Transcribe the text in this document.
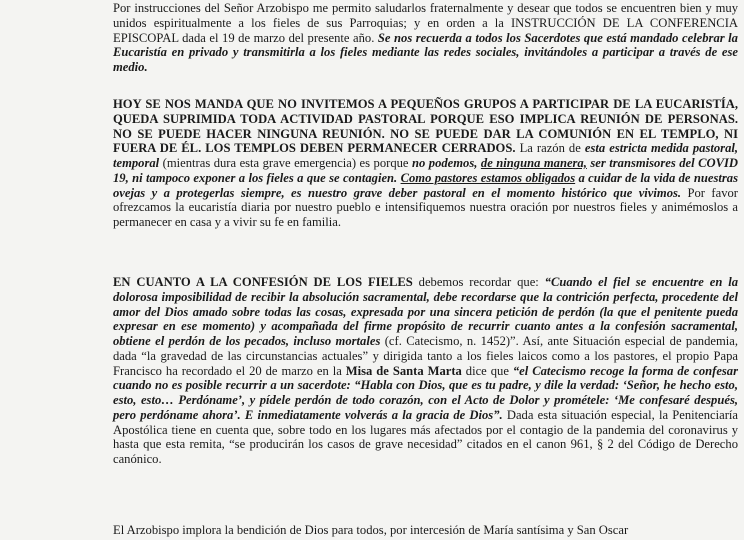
Por instrucciones del Señor Arzobispo me permito saludarlos fraternalmente y desear que todos se encuentren bien y muy unidos espiritualmente a los fieles de sus Parroquias; y en orden a la INSTRUCCIÓN DE LA CONFERENCIA EPISCOPAL dada el 19 de marzo del presente año. Se nos recuerda a todos los Sacerdotes que está mandado celebrar la Eucaristía en privado y transmitirla a los fieles mediante las redes sociales, invitándoles a participar a través de ese medio.

HOY SE NOS MANDA QUE NO INVITEMOS A PEQUEÑOS GRUPOS A PARTICIPAR DE LA EUCARISTÍA, QUEDA SUPRIMIDA TODA ACTIVIDAD PASTORAL PORQUE ESO IMPLICA REUNIÓN DE PERSONAS. NO SE PUEDE HACER NINGUNA REUNIÓN. NO SE PUEDE DAR LA COMUNIÓN EN EL TEMPLO, NI FUERA DE ÉL. LOS TEMPLOS DEBEN PERMANECER CERRADOS. La razón de esta estricta medida pastoral, temporal (mientras dura esta grave emergencia) es porque no podemos, de ninguna manera, ser transmisores del COVID 19, ni tampoco exponer a los fieles a que se contagien. Como pastores estamos obligados a cuidar de la vida de nuestras ovejas y a protegerlas siempre, es nuestro grave deber pastoral en el momento histórico que vivimos. Por favor ofrezcamos la eucaristía diaria por nuestro pueblo e intensifiquemos nuestra oración por nuestros fieles y animémoslos a permanecer en casa y a vivir su fe en familia.

EN CUANTO A LA CONFESIÓN DE LOS FIELES debemos recordar que: “Cuando el fiel se encuentre en la dolorosa imposibilidad de recibir la absolución sacramental, debe recordarse que la contrición perfecta, procedente del amor del Dios amado sobre todas las cosas, expresada por una sincera petición de perdón (la que el penitente pueda expresar en ese momento) y acompañada del firme propósito de recurrir cuanto antes a la confesión sacramental, obtiene el perdón de los pecados, incluso mortales (cf. Catecismo, n. 1452)”. Así, ante Situación especial de pandemia, dada “la gravedad de las circunstancias actuales” y dirigida tanto a los fieles laicos como a los pastores, el propio Papa Francisco ha recordado el 20 de marzo en la Misa de Santa Marta dice que “el Catecismo recoge la forma de confesar cuando no es posible recurrir a un sacerdote: “Habla con Dios, que es tu padre, y dile la verdad: ‘Señor, he hecho esto, esto, esto… Perdóname’, y pídele perdón de todo corazón, con el Acto de Dolor y prométele: ‘Me confesaré después, pero perdóname ahora’. E inmediatamente volverás a la gracia de Dios”. Dada esta situación especial, la Penitenciaría Apostólica tiene en cuenta que, sobre todo en los lugares más afectados por el contagio de la pandemia del coronavirus y hasta que esta remita, “se producirán los casos de grave necesidad” citados en el canon 961, § 2 del Código de Derecho canónico.

El Arzobispo implora la bendición de Dios para todos, por intercesión de María santísima y San Oscar
